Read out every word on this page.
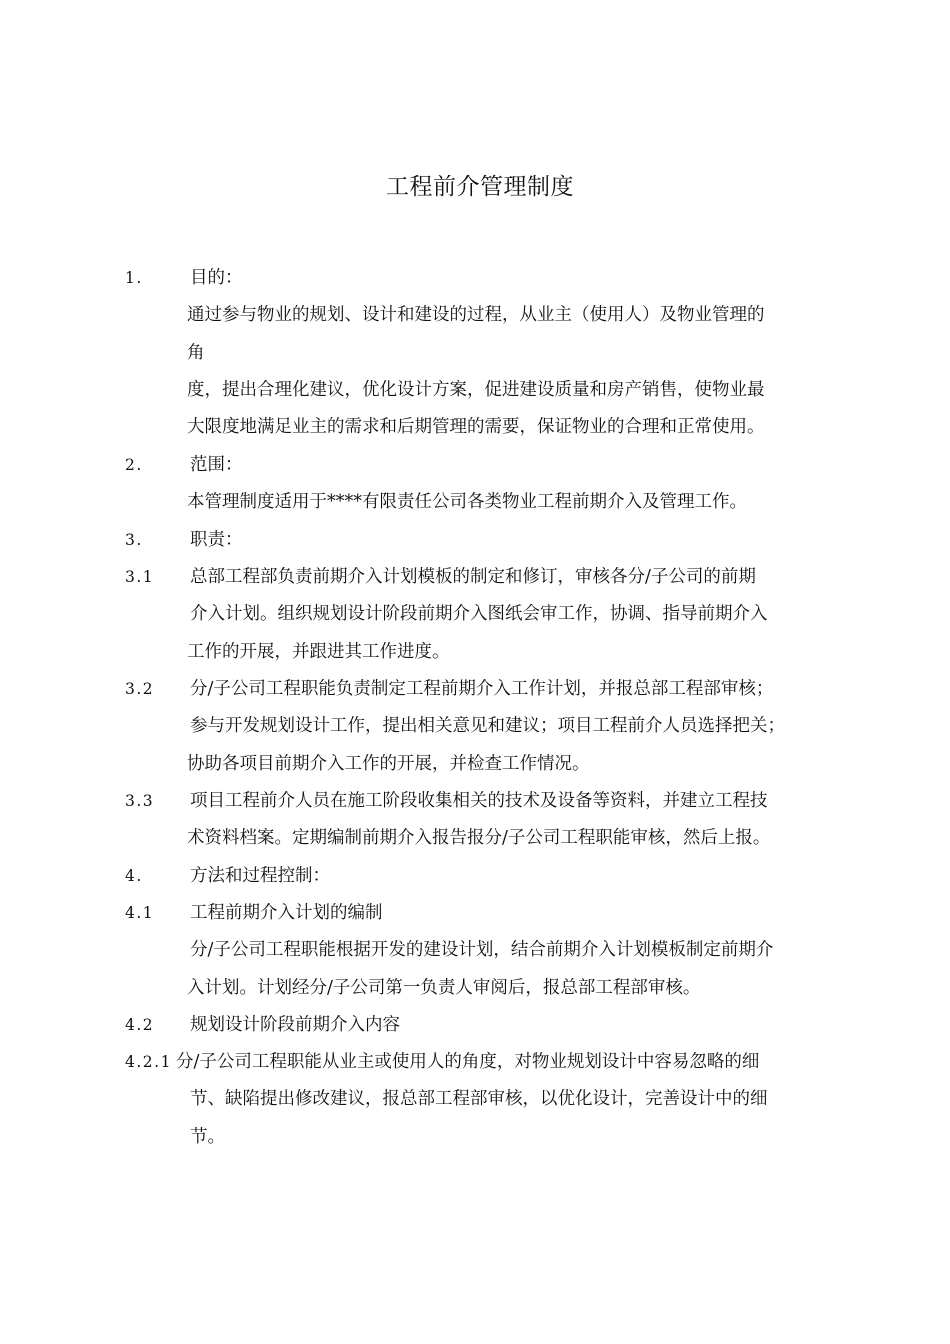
工程前介管理制度
1.	目的：
通过参与物业的规划、设计和建设的过程，从业主（使用人）及物业管理的
角
度，提出合理化建议，优化设计方案，促进建设质量和房产销售，使物业最
大限度地满足业主的需求和后期管理的需要，保证物业的合理和正常使用。
2.	范围：
本管理制度适用于****有限责任公司各类物业工程前期介入及管理工作。
3.	职责：
3.1 总部工程部负责前期介入计划模板的制定和修订，审核各分/子公司的前期
介入计划。组织规划设计阶段前期介入图纸会审工作，协调、指导前期介入
工作的开展，并跟进其工作进度。
3.2 分/子公司工程职能负责制定工程前期介入工作计划，并报总部工程部审核；
参与开发规划设计工作，提出相关意见和建议；项目工程前介人员选择把关；
协助各项目前期介入工作的开展，并检查工作情况。
3.3 项目工程前介人员在施工阶段收集相关的技术及设备等资料，并建立工程技
术资料档案。定期编制前期介入报告报分/子公司工程职能审核，然后上报。
4.	方法和过程控制：
4.1 工程前期介入计划的编制
分/子公司工程职能根据开发的建设计划，结合前期介入计划模板制定前期介
入计划。计划经分/子公司第一负责人审阅后，报总部工程部审核。
4.2 规划设计阶段前期介入内容
4.2.1 分/子公司工程职能从业主或使用人的角度，对物业规划设计中容易忽略的细
节、缺陷提出修改建议，报总部工程部审核，以优化设计，完善设计中的细
节。
